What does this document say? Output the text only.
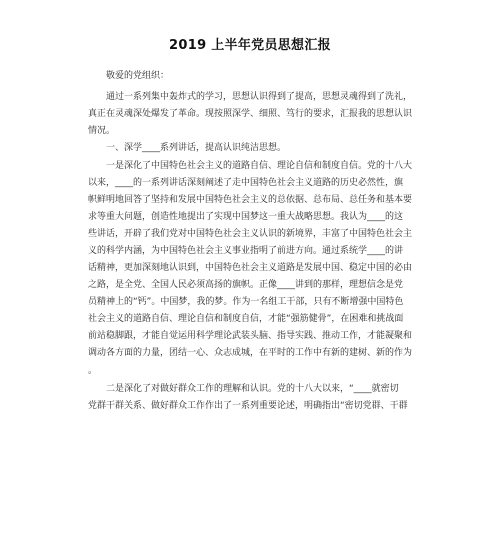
2019 上半年党员思想汇报
敬爱的党组织：
通过一系列集中轰炸式的学习，思想认识得到了提高，思想灵魂得到了洗礼，
真正在灵魂深处爆发了革命。现按照深学、细照、笃行的要求，汇报我的思想认识
情况。
一、深学____系列讲话，提高认识纯洁思想。
一是深化了中国特色社会主义的道路自信、理论自信和制度自信。党的十八大
以来，____的一系列讲话深刻阐述了走中国特色社会主义道路的历史必然性，旗
帜鲜明地回答了坚持和发展中国特色社会主义的总依据、总布局、总任务和基本要
求等重大问题，创造性地提出了实现中国梦这一重大战略思想。我认为____的这
些讲话，开辟了我们党对中国特色社会主义认识的新境界，丰富了中国特色社会主
义的科学内涵，为中国特色社会主义事业指明了前进方向。通过系统学____的讲
话精神，更加深刻地认识到，中国特色社会主义道路是发展中国、稳定中国的必由
之路，是全党、全国人民必须高扬的旗帜。正像____讲到的那样，理想信念是党
员精神上的“钙”。中国梦，我的梦。作为一名组工干部，只有不断增强中国特色
社会主义的道路自信、理论自信和制度自信，才能“强筋健骨”，在困难和挑战面
前站稳脚跟，才能自觉运用科学理论武装头脑、指导实践、推动工作，才能凝聚和
调动各方面的力量，团结一心、众志成城，在平时的工作中有新的建树、新的作为
。
二是深化了对做好群众工作的理解和认识。党的十八大以来，“____就密切
党群干群关系、做好群众工作作出了一系列重要论述，明确指出“密切党群、干群
